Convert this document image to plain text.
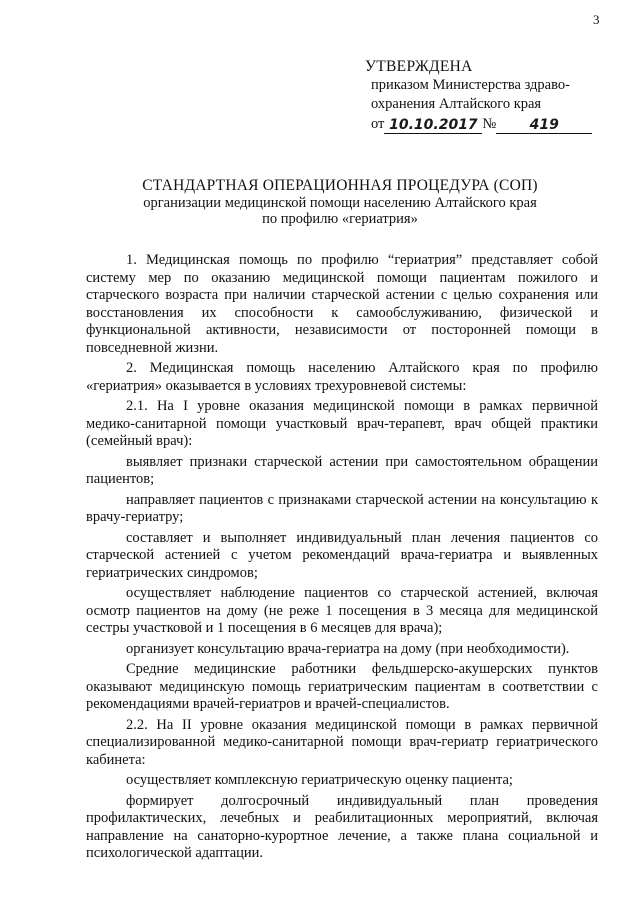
3
УТВЕРЖДЕНА
приказом Министерства здраво-
охранения Алтайского края
от 10.10.2017 №	419
СТАНДАРТНАЯ ОПЕРАЦИОННАЯ ПРОЦЕДУРА (СОП)
организации медицинской помощи населению Алтайского края
по профилю «гериатрия»

1. Медицинская помощь по профилю “гериатрия” представляет собой систему мер по оказанию медицинской помощи пациентам пожилого и старческого возраста при наличии старческой астении с целью сохранения или восстановления их способности к самообслуживанию, физической и функциональной активности, независимости от посторонней помощи в повседневной жизни.

2. Медицинская помощь населению Алтайского края по профилю «гериатрия» оказывается в условиях трехуровневой системы:

2.1. На I уровне оказания медицинской помощи в рамках первичной медико-санитарной помощи участковый врач-терапевт, врач общей практики (семейный врач):

выявляет признаки старческой астении при самостоятельном обращении пациентов;

направляет пациентов с признаками старческой астении на консультацию к врачу-гериатру;

составляет и выполняет индивидуальный план лечения пациентов со старческой астенией с учетом рекомендаций врача-гериатра и выявленных гериатрических синдромов;

осуществляет наблюдение пациентов со старческой астенией, включая осмотр пациентов на дому (не реже 1 посещения в 3 месяца для медицинской сестры участковой и 1 посещения в 6 месяцев для врача);

организует консультацию врача-гериатра на дому (при необходимости).

Средние медицинские работники фельдшерско-акушерских пунктов оказывают медицинскую помощь гериатрическим пациентам в соответствии с рекомендациями врачей-гериатров и врачей-специалистов.

2.2. На II уровне оказания медицинской помощи в рамках первичной специализированной медико-санитарной помощи врач-гериатр гериатрического кабинета:

осуществляет комплексную гериатрическую оценку пациента;

формирует долгосрочный индивидуальный план проведения профилактических, лечебных и реабилитационных мероприятий, включая направление на санаторно-курортное лечение, а также плана социальной и психологической адаптации.
